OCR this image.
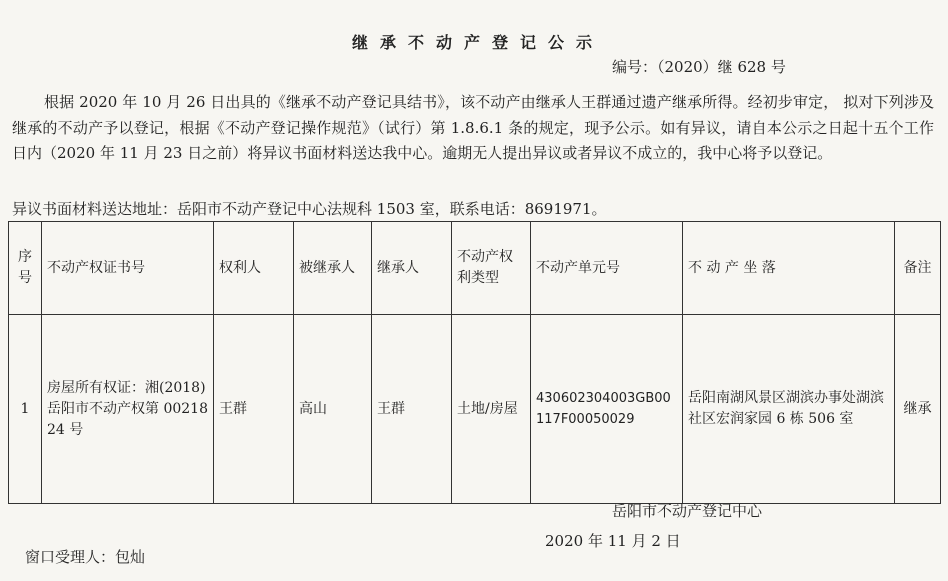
继承不动产登记公示
编号：（2020）继 628 号

根据 2020 年 10 月 26 日出具的《继承不动产登记具结书》，该不动产由继承人王群通过遗产继承所得。经初步审定， 拟对下列涉及继承的不动产予以登记，根据《不动产登记操作规范》（试行）第 1.8.6.1 条的规定，现予公示。如有异议，请自本公示之日起十五个工作日内（2020 年 11 月 23 日之前）将异议书面材料送达我中心。逾期无人提出异议或者异议不成立的，我中心将予以登记。

异议书面材料送达地址：岳阳市不动产登记中心法规科 1503 室，联系电话：8691971。

序号	不动产权证书号	权利人	被继承人	继承人	不动产权利类型	不动产单元号	不 动 产 坐 落	备注
1	房屋所有权证：湘(2018)岳阳市不动产权第 0021824 号	王群	高山	王群	土地/房屋	430602304003GB00117F00050029	岳阳南湖风景区湖滨办事处湖滨社区宏润家园 6 栋 506 室	继承
岳阳市不动产登记中心
2020 年 11 月 2 日
窗口受理人：包灿
